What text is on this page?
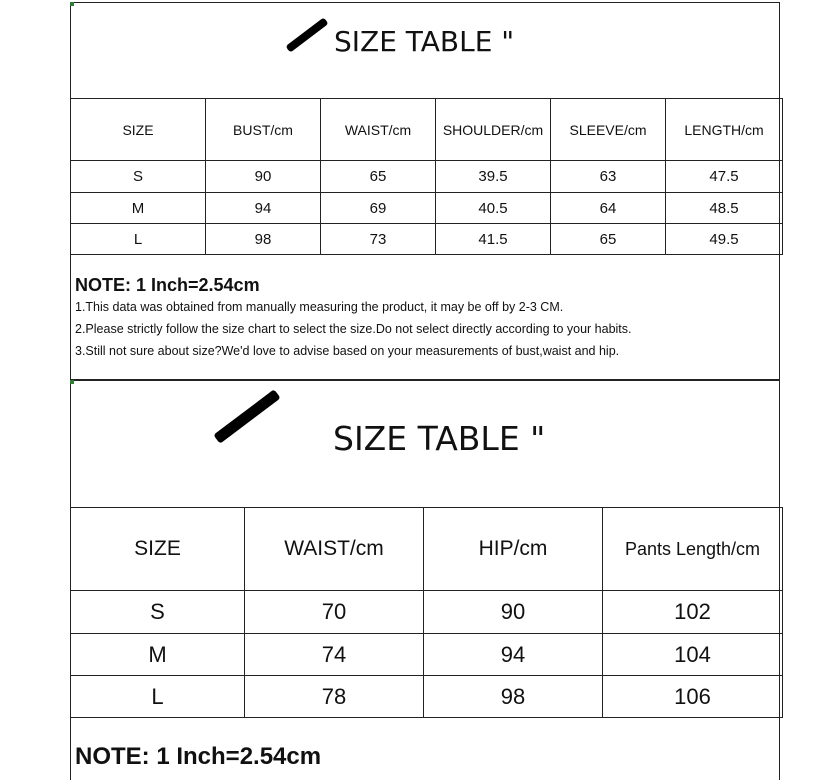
SIZE TABLE "
SIZE	BUST/cm	WAIST/cm	SHOULDER/cm	SLEEVE/cm	LENGTH/cm
S	90	65	39.5	63	47.5
M	94	69	40.5	64	48.5
L	98	73	41.5	65	49.5
NOTE: 1 Inch=2.54cm
1.This data was obtained from manually measuring the product, it may be off by 2-3 CM.
2.Please strictly follow the size chart to select the size.Do not select directly according to your habits.
3.Still not sure about size?We'd love to advise based on your measurements of bust,waist and hip.
SIZE TABLE "
SIZE	WAIST/cm	HIP/cm	Pants Length/cm
S	70	90	102
M	74	94	104
L	78	98	106
NOTE: 1 Inch=2.54cm
